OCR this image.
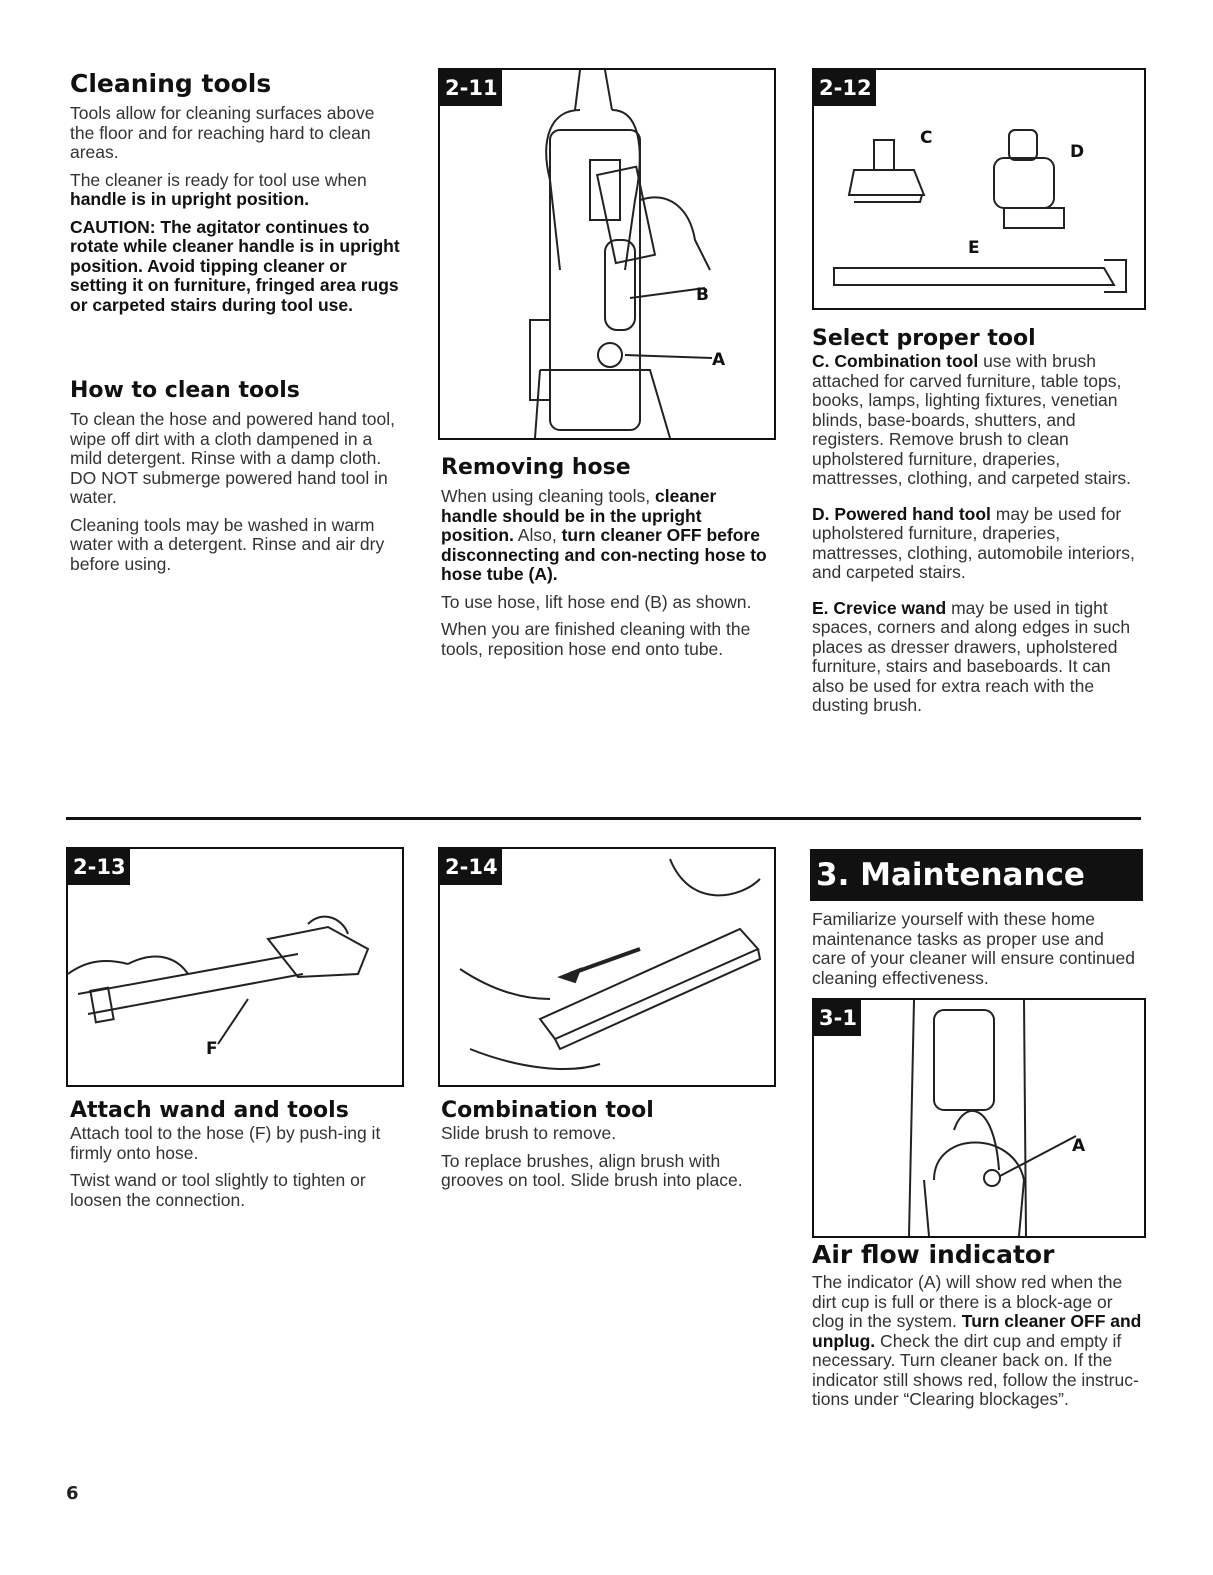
Cleaning tools

Tools allow for cleaning surfaces above the floor and for reaching hard to clean areas.

The cleaner is ready for tool use when handle is in upright position.

CAUTION: The agitator continues to rotate while cleaner handle is in upright position. Avoid tipping cleaner or setting it on furniture, fringed area rugs or carpeted stairs during tool use.

How to clean tools

To clean the hose and powered hand tool, wipe off dirt with a cloth dampened in a mild detergent. Rinse with a damp cloth. DO NOT submerge powered hand tool in water.

Cleaning tools may be washed in warm water with a detergent. Rinse and air dry before using.

2-11
B
A
Removing hose

When using cleaning tools, cleaner handle should be in the upright position. Also, turn cleaner OFF before disconnecting and con-necting hose to hose tube (A).

To use hose, lift hose end (B) as shown.

When you are finished cleaning with the tools, reposition hose end onto tube.

2-12
C
D
E
Select proper tool

C. Combination tool use with brush attached for carved furniture, table tops, books, lamps, lighting fixtures, venetian blinds, base-boards, shutters, and registers. Remove brush to clean upholstered furniture, draperies, mattresses, clothing, and carpeted stairs.

D. Powered hand tool may be used for upholstered furniture, draperies, mattresses, clothing, automobile interiors, and carpeted stairs.

E. Crevice wand may be used in tight spaces, corners and along edges in such places as dresser drawers, upholstered furniture, stairs and baseboards. It can also be used for extra reach with the dusting brush.

2-13
F
Attach wand and tools

Attach tool to the hose (F) by push-ing it firmly onto hose.

Twist wand or tool slightly to tighten or loosen the connection.

2-14
Combination tool

Slide brush to remove.

To replace brushes, align brush with grooves on tool. Slide brush into place.

3. Maintenance

Familiarize yourself with these home maintenance tasks as proper use and care of your cleaner will ensure continued cleaning effectiveness.

3-1
A
Air flow indicator

The indicator (A) will show red when the dirt cup is full or there is a block-age or clog in the system. Turn cleaner OFF and unplug. Check the dirt cup and empty if necessary. Turn cleaner back on. If the indicator still shows red, follow the instruc-tions under “Clearing blockages”.

6
